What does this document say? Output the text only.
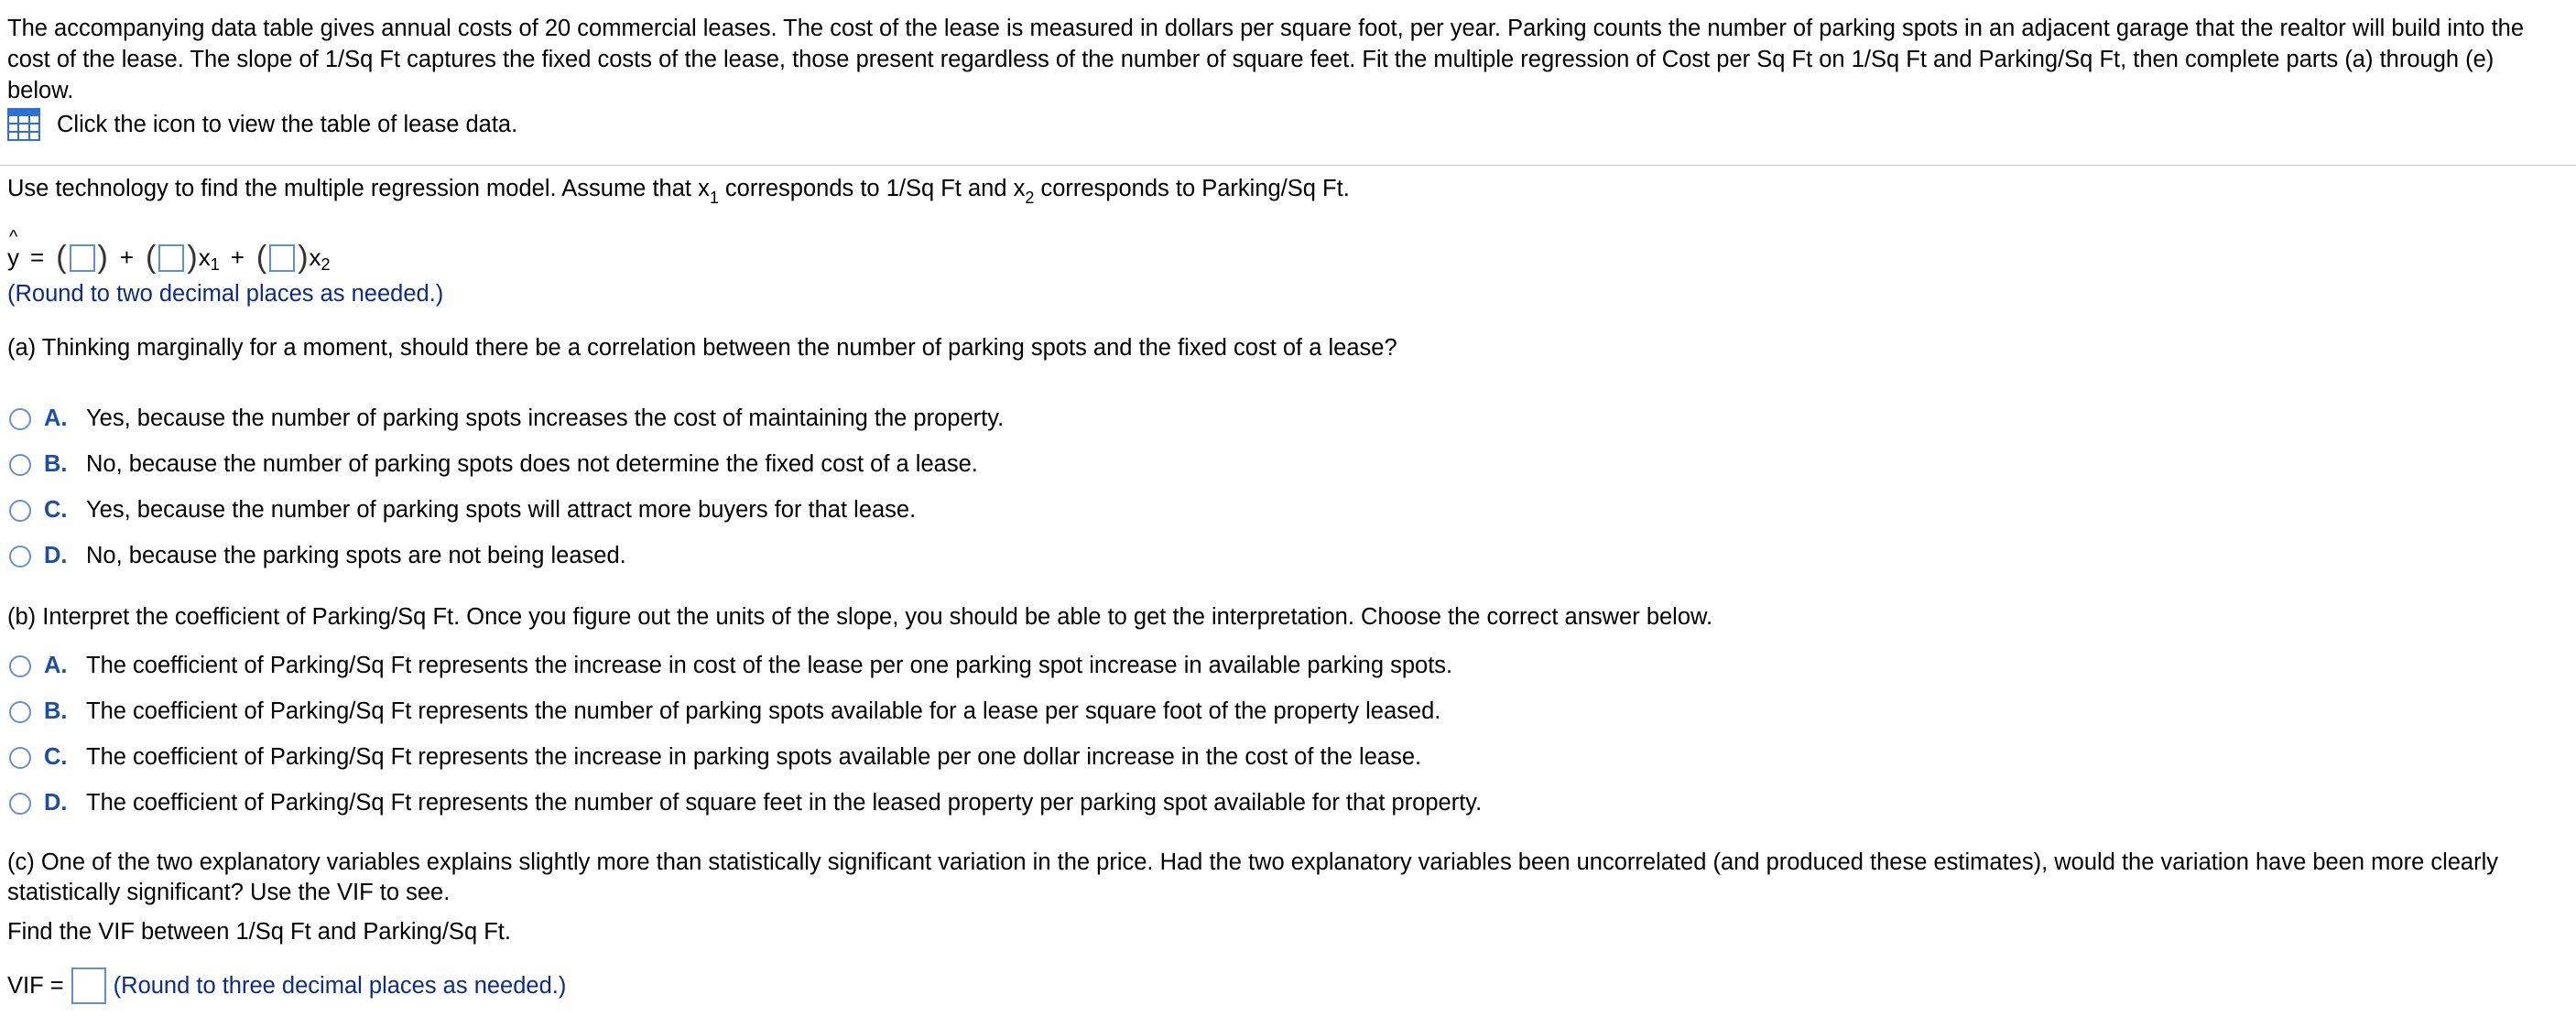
The accompanying data table gives annual costs of 20 commercial leases. The cost of the lease is measured in dollars per square foot, per year. Parking counts the number of parking spots in an adjacent garage that the realtor will build into the cost of the lease. The slope of 1/Sq Ft captures the fixed costs of the lease, those present regardless of the number of square feet. Fit the multiple regression of Cost per Sq Ft on 1/Sq Ft and Parking/Sq Ft, then complete parts (a) through (e) below.
Click the icon to view the table of lease data.
Use technology to find the multiple regression model. Assume that $x_1$ corresponds to 1/Sq Ft and $x_2$ corresponds to Parking/Sq Ft.
^
y = ( ) + ( ) x 1 + ( ) x 2
(Round to two decimal places as needed.)
(a) Thinking marginally for a moment, should there be a correlation between the number of parking spots and the fixed cost of a lease?
A. Yes, because the number of parking spots increases the cost of maintaining the property.
B. No, because the number of parking spots does not determine the fixed cost of a lease.
C. Yes, because the number of parking spots will attract more buyers for that lease.
D. No, because the parking spots are not being leased.
(b) Interpret the coefficient of Parking/Sq Ft. Once you figure out the units of the slope, you should be able to get the interpretation. Choose the correct answer below.
A. The coefficient of Parking/Sq Ft represents the increase in cost of the lease per one parking spot increase in available parking spots.
B. The coefficient of Parking/Sq Ft represents the number of parking spots available for a lease per square foot of the property leased.
C. The coefficient of Parking/Sq Ft represents the increase in parking spots available per one dollar increase in the cost of the lease.
D. The coefficient of Parking/Sq Ft represents the number of square feet in the leased property per parking spot available for that property.
(c) One of the two explanatory variables explains slightly more than statistically significant variation in the price. Had the two explanatory variables been uncorrelated (and produced these estimates), would the variation have been more clearly statistically significant? Use the VIF to see.
Find the VIF between 1/Sq Ft and Parking/Sq Ft.
VIF = (Round to three decimal places as needed.)
